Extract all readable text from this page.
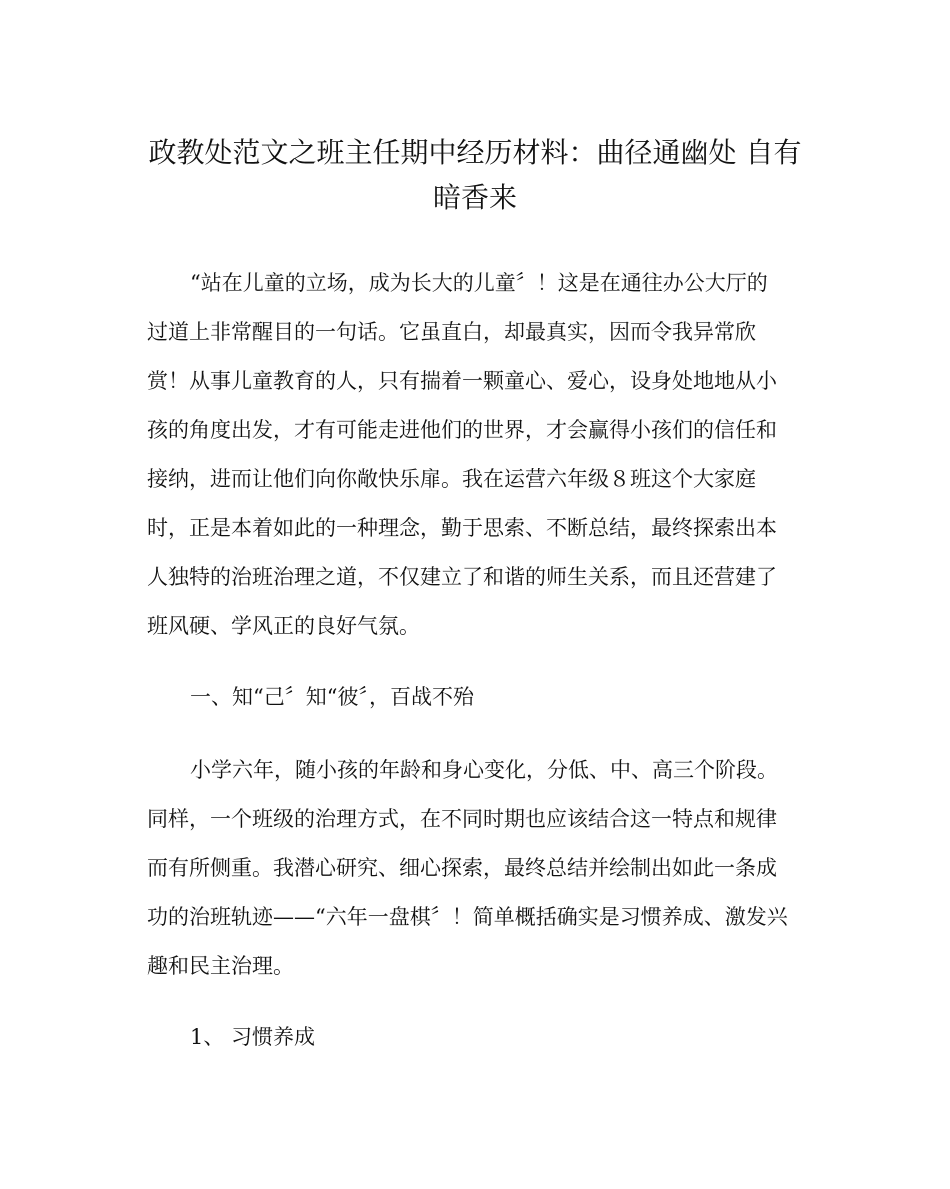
政教处范文之班主任期中经历材料：曲径通幽处 自有
暗香来

“站在儿童的立场，成为长大的儿童〞！这是在通往办公大厅的

过道上非常醒目的一句话。它虽直白，却最真实，因而令我异常欣

赏！从事儿童教育的人，只有揣着一颗童心、爱心，设身处地地从小

孩的角度出发，才有可能走进他们的世界，才会赢得小孩们的信任和

接纳，进而让他们向你敞快乐扉。我在运营六年级８班这个大家庭

时，正是本着如此的一种理念，勤于思索、不断总结，最终探索出本

人独特的治班治理之道，不仅建立了和谐的师生关系，而且还营建了

班风硬、学风正的良好气氛。

一、知“己〞知“彼〞，百战不殆

小学六年，随小孩的年龄和身心变化，分低、中、高三个阶段。

同样，一个班级的治理方式，在不同时期也应该结合这一特点和规律

而有所侧重。我潜心研究、细心探索，最终总结并绘制出如此一条成

功的治班轨迹——“六年一盘棋〞！简单概括确实是习惯养成、激发兴

趣和民主治理。

1、 习惯养成
